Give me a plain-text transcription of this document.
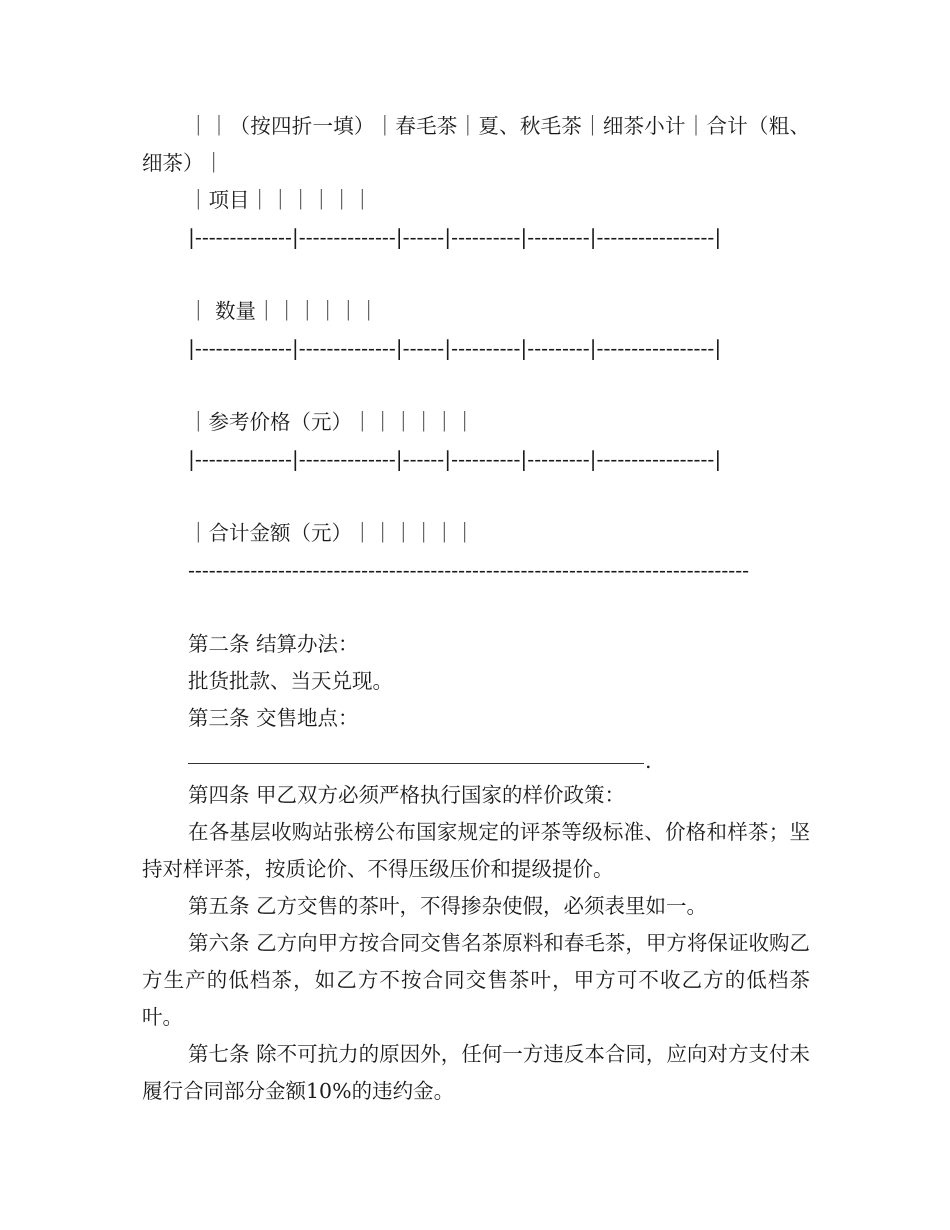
｜｜（按四折一填）｜春毛茶｜夏、秋毛茶｜细茶小计｜合计（粗、细茶）｜

｜项目｜｜｜｜｜｜

|--------------|--------------|------|----------|---------|-----------------|

｜ 数量｜｜｜｜｜｜

|--------------|--------------|------|----------|---------|-----------------|

｜参考价格（元）｜｜｜｜｜｜

|--------------|--------------|------|----------|---------|-----------------|

｜合计金额（元）｜｜｜｜｜｜

---------------------------------------------------------------------------------

第二条 结算办法：

批货批款、当天兑现。

第三条 交售地点：

.

第四条 甲乙双方必须严格执行国家的样价政策：

在各基层收购站张榜公布国家规定的评茶等级标准、价格和样茶；坚持对样评茶，按质论价、不得压级压价和提级提价。

第五条 乙方交售的茶叶，不得掺杂使假，必须表里如一。

第六条 乙方向甲方按合同交售名茶原料和春毛茶，甲方将保证收购乙方生产的低档茶，如乙方不按合同交售茶叶，甲方可不收乙方的低档茶叶。

第七条 除不可抗力的原因外，任何一方违反本合同，应向对方支付未履行合同部分金额10%的违约金。
